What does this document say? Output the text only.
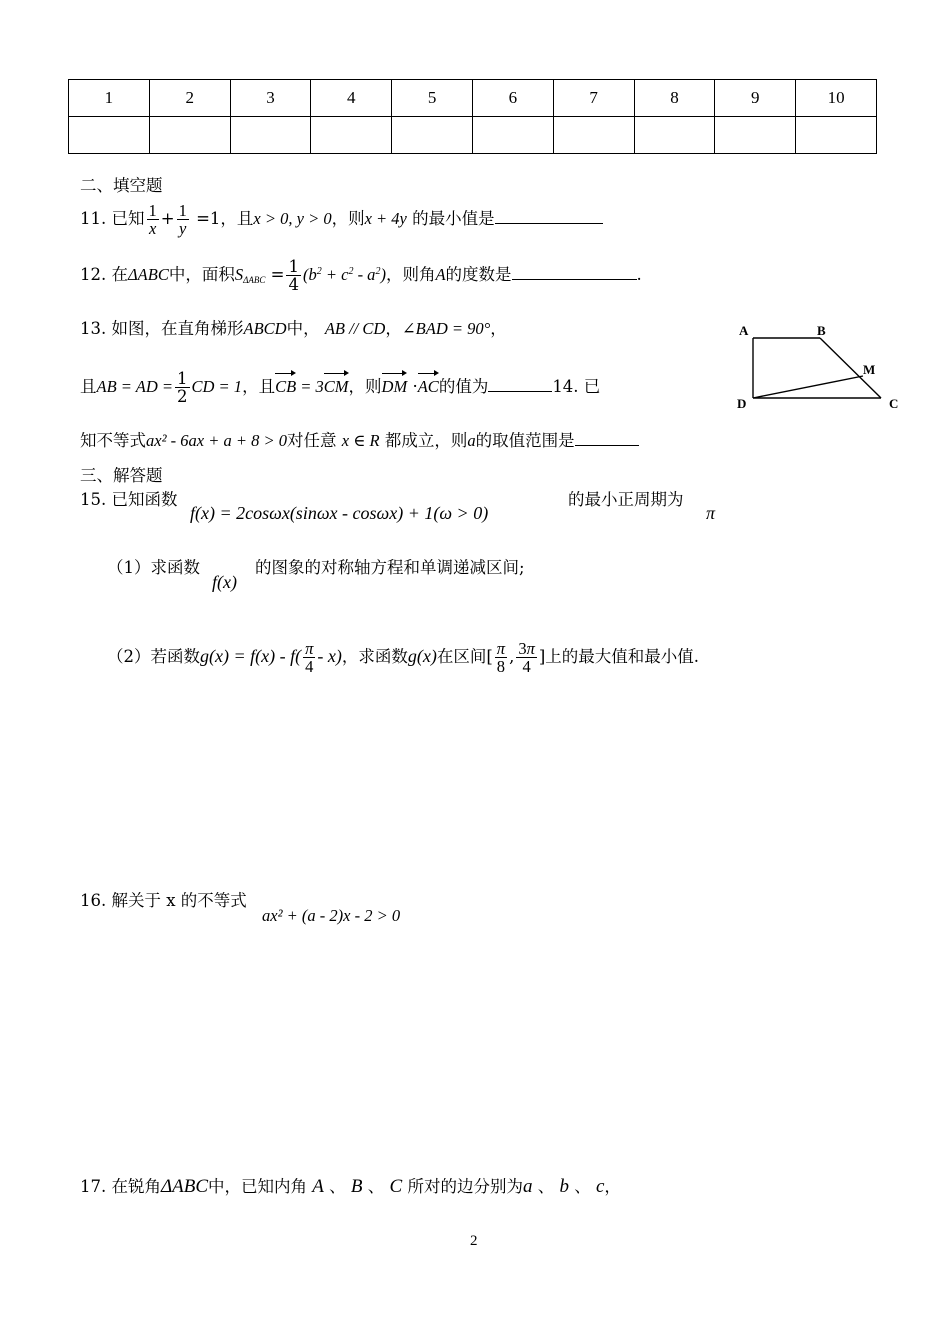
1	2	3	4	5	6	7	8	9	10

二、填空题
11. 已知 $\frac{1}{x} + \frac{1}{y} =1$，且x > 0, y > 0，则x + 4y 的最小值是
12. 在ΔABC中，面积$S_{\Delta ABC} = \frac{1}{4} (b^2 + c^2 - a^2)$，则角A的度数是	.
13. 如图，在直角梯形ABCD中， AB // CD，∠BAD = 90°，
且AB = AD = $\frac{1}{2}$ CD = 1，且CB = 3CM，则DM ·AC的值为	14. 已
A	B
D	C
M
知不等式ax² - 6ax + a + 8 > 0对任意 x ∈ R 都成立，则a的取值范围是
三、解答题
15. 已知函数
f(x) = 2cosωx(sinωx - cosωx) + 1(ω > 0)
的最小正周期为
π
（1）求函数
f(x)
的图象的对称轴方程和单调递减区间;
（2）若函数$g(x) = f(x) - f( \frac{\pi}{4} - x)$，求函数g(x)在区间[ $\frac{\pi}{8}$ , $\frac{3\pi}{4}$ ]上的最大值和最小值.
16. 解关于 x 的不等式
ax² + (a - 2)x - 2 > 0
17. 在锐角ΔABC中，已知内角 A 、 B 、 C 所对的边分别为a 、 b 、 c，
2
